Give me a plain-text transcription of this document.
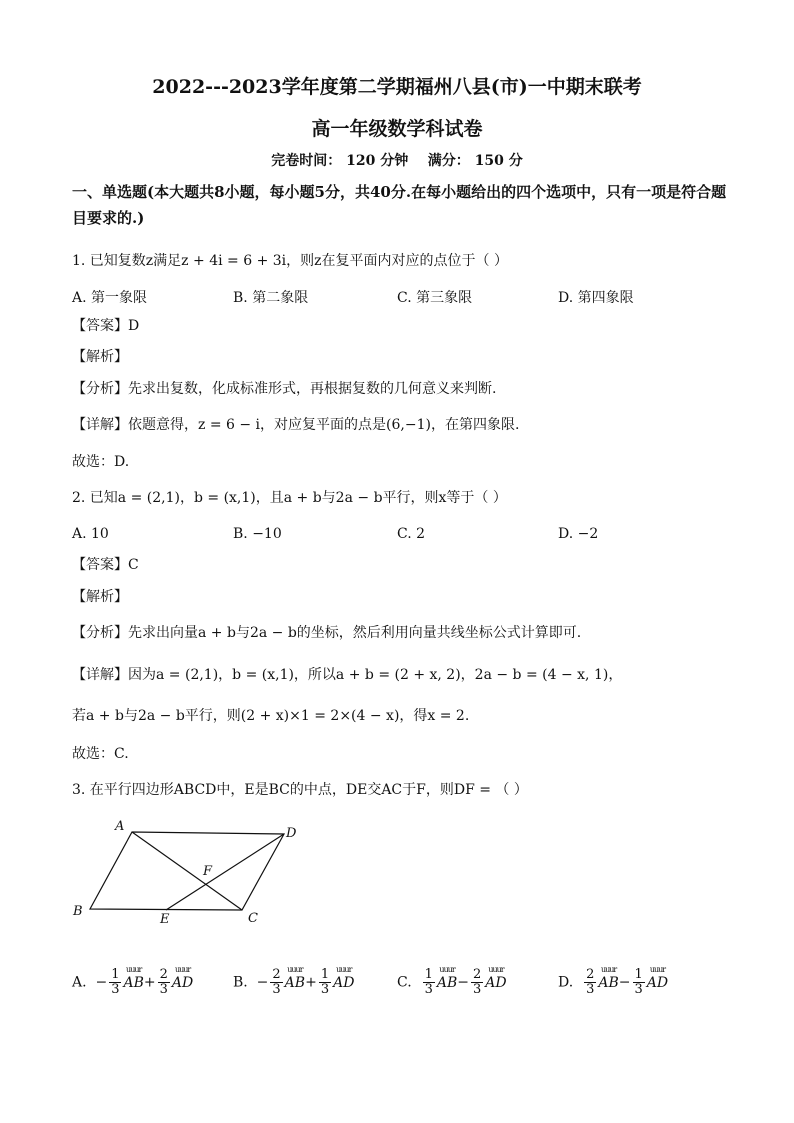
2022---2023学年度第二学期福州八县(市)一中期末联考
高一年级数学科试卷
完卷时间： 120 分钟    满分： 150 分
一、单选题(本大题共8小题，每小题5分，共40分.在每小题给出的四个选项中，只有一项是符合题目要求的.)
1. 已知复数z满足z + 4i = 6 + 3i，则z在复平面内对应的点位于（ ）
A. 第一象限	B. 第二象限	C. 第三象限	D. 第四象限
【答案】D
【解析】
【分析】先求出复数，化成标准形式，再根据复数的几何意义来判断.
【详解】依题意得，z = 6 − i，对应复平面的点是(6,−1)，在第四象限.
故选：D.
2. 已知a = (2,1)，b = (x,1)，且a + b与2a − b平行，则x等于（ ）
A. 10	B. −10	C. 2	D. −2
【答案】C
【解析】
【分析】先求出向量a + b与2a − b的坐标，然后利用向量共线坐标公式计算即可.
【详解】因为a = (2,1)，b = (x,1)，所以a + b = (2 + x, 2)，2a − b = (4 − x, 1)，
若a + b与2a − b平行，则(2 + x)×1 = 2×(4 − x)，得x = 2.
故选：C.
3. 在平行四边形ABCD中，E是BC的中点，DE交AC于F，则DF = （ ）
A	D
F
B
E	C
A. − $\frac{1}{3}$ uuur
$AB+ \frac{2}{3}$ uuur
AD	B. − $\frac{2}{3}$ uuur
$AB+ \frac{1}{3}$ uuur
AD	C. $\frac{1}{3}$ uuur
$AB- \frac{2}{3}$ uuur
AD	D. $\frac{2}{3}$ uuur
$AB- \frac{1}{3}$ uuur
AD
